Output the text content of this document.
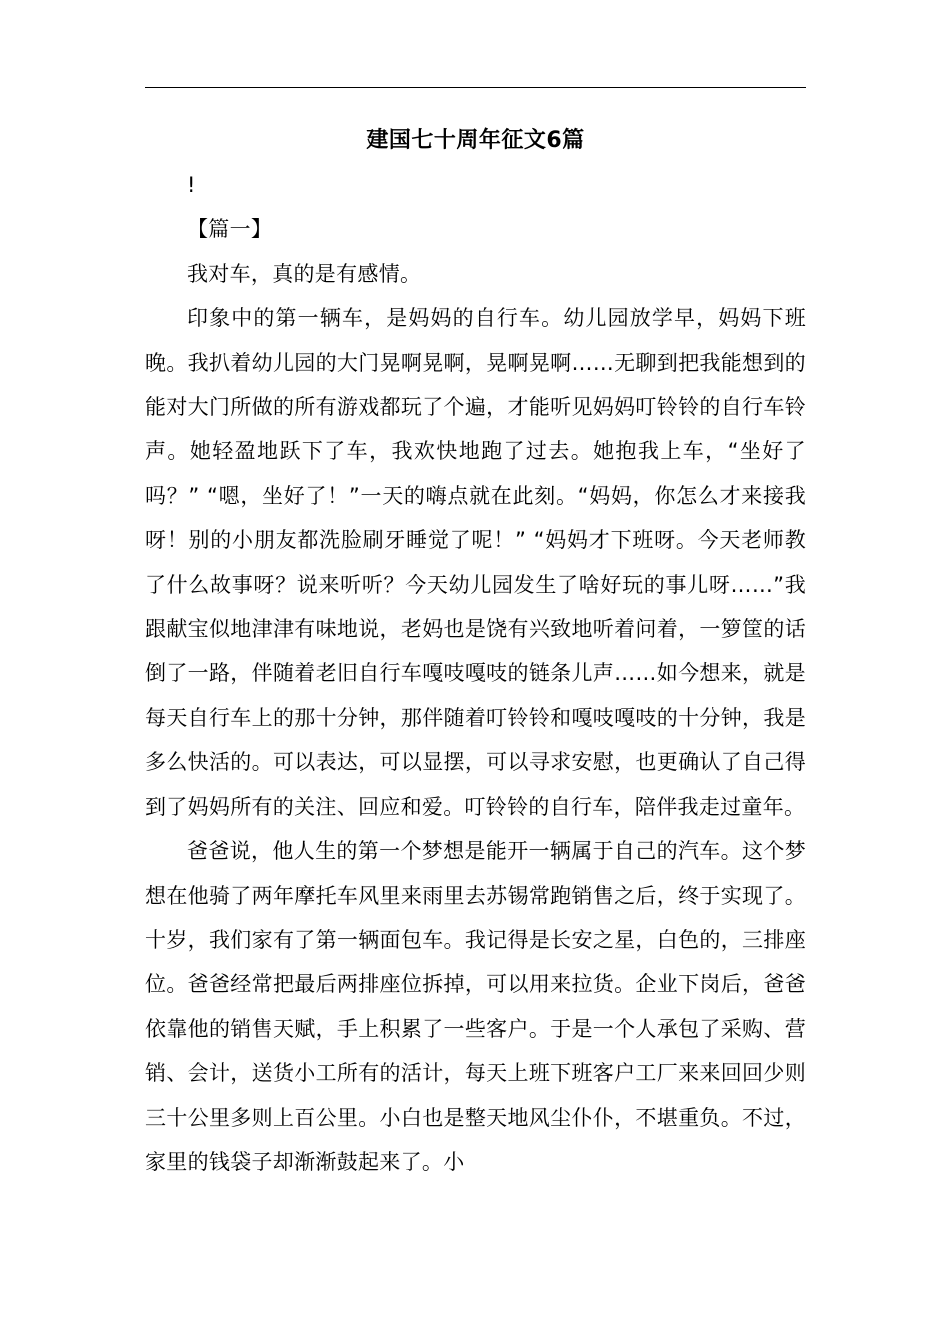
建国七十周年征文6篇

!

【篇一】

我对车，真的是有感情。

印象中的第一辆车，是妈妈的自行车。幼儿园放学早，妈妈下班晚。我扒着幼儿园的大门晃啊晃啊，晃啊晃啊……无聊到把我能想到的能对大门所做的所有游戏都玩了个遍，才能听见妈妈叮铃铃的自行车铃声。她轻盈地跃下了车，我欢快地跑了过去。她抱我上车，“坐好了吗？” “嗯，坐好了！”一天的嗨点就在此刻。“妈妈，你怎么才来接我呀！别的小朋友都洗脸刷牙睡觉了呢！” “妈妈才下班呀。今天老师教了什么故事呀？说来听听？今天幼儿园发生了啥好玩的事儿呀……”我跟献宝似地津津有味地说，老妈也是饶有兴致地听着问着，一箩筐的话倒了一路，伴随着老旧自行车嘎吱嘎吱的链条儿声……如今想来，就是每天自行车上的那十分钟，那伴随着叮铃铃和嘎吱嘎吱的十分钟，我是多么快活的。可以表达，可以显摆，可以寻求安慰，也更确认了自己得到了妈妈所有的关注、回应和爱。叮铃铃的自行车，陪伴我走过童年。

爸爸说，他人生的第一个梦想是能开一辆属于自己的汽车。这个梦想在他骑了两年摩托车风里来雨里去苏锡常跑销售之后，终于实现了。十岁，我们家有了第一辆面包车。我记得是长安之星，白色的，三排座位。爸爸经常把最后两排座位拆掉，可以用来拉货。企业下岗后，爸爸依靠他的销售天赋，手上积累了一些客户。于是一个人承包了采购、营销、会计，送货小工所有的活计，每天上班下班客户工厂来来回回少则三十公里多则上百公里。小白也是整天地风尘仆仆，不堪重负。不过，家里的钱袋子却渐渐鼓起来了。小
